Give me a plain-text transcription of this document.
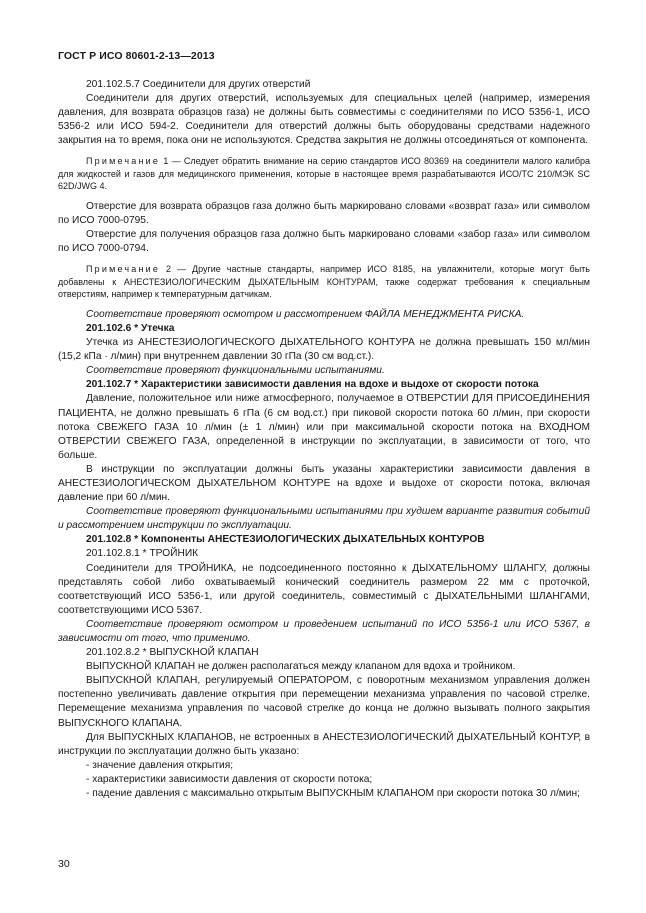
ГОСТ Р ИСО 80601-2-13—2013

201.102.5.7 Соединители для других отверстий

Соединители для других отверстий, используемых для специальных целей (например, измерения давления, для возврата образцов газа) не должны быть совместимы с соединителями по ИСО 5356-1, ИСО 5356-2 или ИСО 594-2. Соединители для отверстий должны быть оборудованы средствами надежного закрытия на то время, пока они не используются. Средства закрытия не должны отсоединяться от компонента.

Примечание 1 — Следует обратить внимание на серию стандартов ИСО 80369 на соединители малого калибра для жидкостей и газов для медицинского применения, которые в настоящее время разрабатываются ИСО/ТС 210/МЭК SC 62D/JWG 4.

Отверстие для возврата образцов газа должно быть маркировано словами «возврат газа» или символом по ИСО 7000-0795.

Отверстие для получения образцов газа должно быть маркировано словами «забор газа» или символом по ИСО 7000-0794.

Примечание 2 — Другие частные стандарты, например ИСО 8185, на увлажнители, которые могут быть добавлены к АНЕСТЕЗИОЛОГИЧЕСКИМ ДЫХАТЕЛЬНЫМ КОНТУРАМ, также содержат требования к специальным отверстиям, например к температурным датчикам.

Соответствие проверяют осмотром и рассмотрением ФАЙЛА МЕНЕДЖМЕНТА РИСКА.

201.102.6 * Утечка

Утечка из АНЕСТЕЗИОЛОГИЧЕСКОГО ДЫХАТЕЛЬНОГО КОНТУРА не должна превышать 150 мл/мин (15,2 кПа · л/мин) при внутреннем давлении 30 гПа (30 см вод.ст.).

Соответствие проверяют функциональными испытаниями.

201.102.7 * Характеристики зависимости давления на вдохе и выдохе от скорости потока

Давление, положительное или ниже атмосферного, получаемое в ОТВЕРСТИИ ДЛЯ ПРИСОЕДИНЕНИЯ ПАЦИЕНТА, не должно превышать 6 гПа (6 см вод.ст.) при пиковой скорости потока 60 л/мин, при скорости потока СВЕЖЕГО ГАЗА 10 л/мин (± 1 л/мин) или при максимальной скорости потока на ВХОДНОМ ОТВЕРСТИИ СВЕЖЕГО ГАЗА, определенной в инструкции по эксплуатации, в зависимости от того, что больше.

В инструкции по эксплуатации должны быть указаны характеристики зависимости давления в АНЕСТЕЗИОЛОГИЧЕСКОМ ДЫХАТЕЛЬНОМ КОНТУРЕ на вдохе и выдохе от скорости потока, включая давление при 60 л/мин.

Соответствие проверяют функциональными испытаниями при худшем варианте развития событий и рассмотрением инструкции по эксплуатации.

201.102.8 * Компоненты АНЕСТЕЗИОЛОГИЧЕСКИХ ДЫХАТЕЛЬНЫХ КОНТУРОВ

201.102.8.1 * ТРОЙНИК

Соединители для ТРОЙНИКА, не подсоединенного постоянно к ДЫХАТЕЛЬНОМУ ШЛАНГУ, должны представлять собой либо охватываемый конический соединитель размером 22 мм с проточкой, соответствующий ИСО 5356-1, или другой соединитель, совместимый с ДЫХАТЕЛЬНЫМИ ШЛАНГАМИ, соответствующими ИСО 5367.

Соответствие проверяют осмотром и проведением испытаний по ИСО 5356-1 или ИСО 5367, в зависимости от того, что применимо.

201.102.8.2 * ВЫПУСКНОЙ КЛАПАН

ВЫПУСКНОЙ КЛАПАН не должен располагаться между клапаном для вдоха и тройником.

ВЫПУСКНОЙ КЛАПАН, регулируемый ОПЕРАТОРОМ, с поворотным механизмом управления должен постепенно увеличивать давление открытия при перемещении механизма управления по часовой стрелке. Перемещение механизма управления по часовой стрелке до конца не должно вызывать полного закрытия ВЫПУСКНОГО КЛАПАНА.

Для ВЫПУСКНЫХ КЛАПАНОВ, не встроенных в АНЕСТЕЗИОЛОГИЧЕСКИЙ ДЫХАТЕЛЬНЫЙ КОНТУР, в инструкции по эксплуатации должно быть указано:

- значение давления открытия;

- характеристики зависимости давления от скорости потока;

- падение давления с максимально открытым ВЫПУСКНЫМ КЛАПАНОМ при скорости потока 30 л/мин;

30
